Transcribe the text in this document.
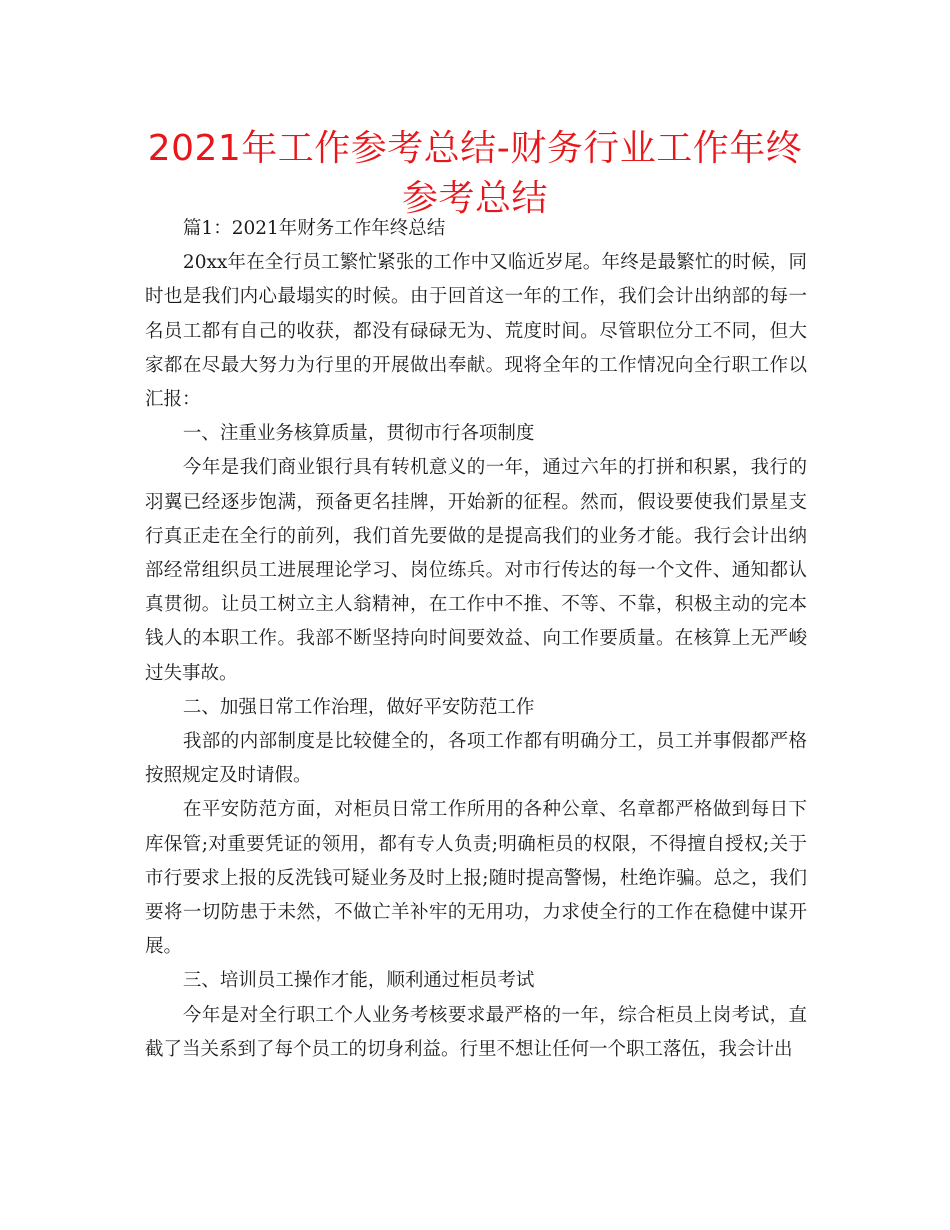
2021年工作参考总结-财务行业工作年终参考总结

篇1：2021年财务工作年终总结

20xx年在全行员工繁忙紧张的工作中又临近岁尾。年终是最繁忙的时候，同时也是我们内心最塌实的时候。由于回首这一年的工作，我们会计出纳部的每一名员工都有自己的收获，都没有碌碌无为、荒度时间。尽管职位分工不同，但大家都在尽最大努力为行里的开展做出奉献。现将全年的工作情况向全行职工作以汇报：

一、注重业务核算质量，贯彻市行各项制度

今年是我们商业银行具有转机意义的一年，通过六年的打拼和积累，我行的羽翼已经逐步饱满，预备更名挂牌，开始新的征程。然而，假设要使我们景星支行真正走在全行的前列，我们首先要做的是提高我们的业务才能。我行会计出纳部经常组织员工进展理论学习、岗位练兵。对市行传达的每一个文件、通知都认真贯彻。让员工树立主人翁精神，在工作中不推、不等、不靠，积极主动的完本钱人的本职工作。我部不断坚持向时间要效益、向工作要质量。在核算上无严峻过失事故。

二、加强日常工作治理，做好平安防范工作

我部的内部制度是比较健全的，各项工作都有明确分工，员工并事假都严格按照规定及时请假。

在平安防范方面，对柜员日常工作所用的各种公章、名章都严格做到每日下库保管;对重要凭证的领用，都有专人负责;明确柜员的权限，不得擅自授权;关于市行要求上报的反洗钱可疑业务及时上报;随时提高警惕，杜绝诈骗。总之，我们要将一切防患于未然，不做亡羊补牢的无用功，力求使全行的工作在稳健中谋开展。

三、培训员工操作才能，顺利通过柜员考试

今年是对全行职工个人业务考核要求最严格的一年，综合柜员上岗考试，直截了当关系到了每个员工的切身利益。行里不想让任何一个职工落伍，我会计出
